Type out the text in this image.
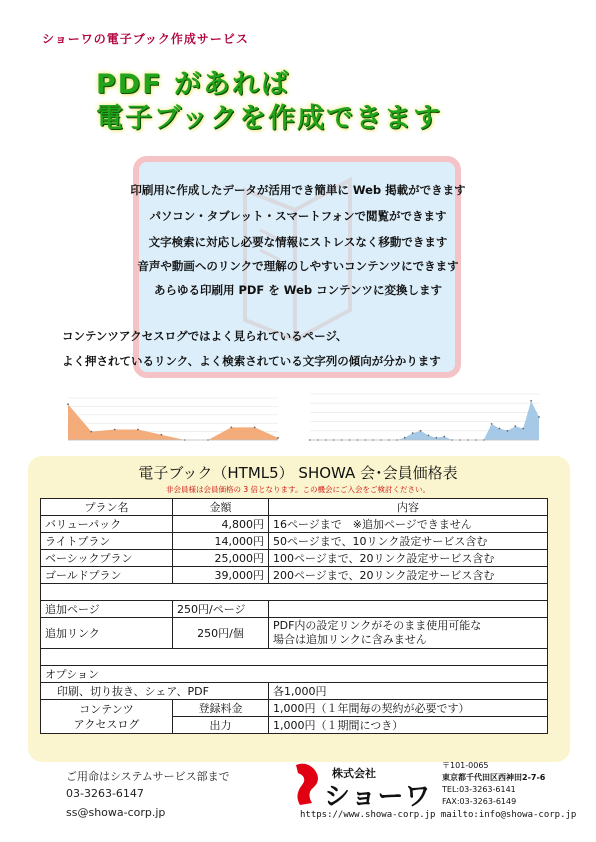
ショーワの電子ブック作成サービス
PDF があれば
電子ブックを作成できます
印刷用に作成したデータが活用でき簡単に Web 掲載ができます
パソコン・タブレット・スマートフォンで閲覧ができます
文字検索に対応し必要な情報にストレスなく移動できます
音声や動画へのリンクで理解のしやすいコンテンツにできます
あらゆる印刷用 PDF を Web コンテンツに変換します
コンテンツアクセスログではよく見られているページ、
よく押されているリンク、よく検索されている文字列の傾向が分かります
電子ブック（HTML5） SHOWA 会･会員価格表
非会員様は会員価格の 3 倍となります。この機会にご入会をご検討ください。
プラン名	金額	内容
バリューパック	4,800円	16ページまで　※追加ページできません
ライトプラン	14,000円	50ページまで、10リンク設定サービス含む
ベーシックプラン	25,000円	100ページまで、20リンク設定サービス含む
ゴールドプラン	39,000円	200ページまで、20リンク設定サービス含む

追加ページ	250円/ページ	
追加リンク	250円/個	PDF内の設定リンクがそのまま使用可能な
場合は追加リンクに含みません

オプション		
印刷、切り抜き、シェア、PDF		各1,000円

コンテンツ
アクセスログ	登録料金	1,000円（１年間毎の契約が必要です）
	出力	1,000円（１期間につき）
ご用命はシステムサービス部まで
03-3263-6147
ss@showa-corp.jp
株式会社
ショーワ
〒101-0065
東京都千代田区西神田2-7-6
TEL:03-3263-6141
FAX:03-3263-6149
https://www.showa-corp.jp mailto:info@showa-corp.jp
